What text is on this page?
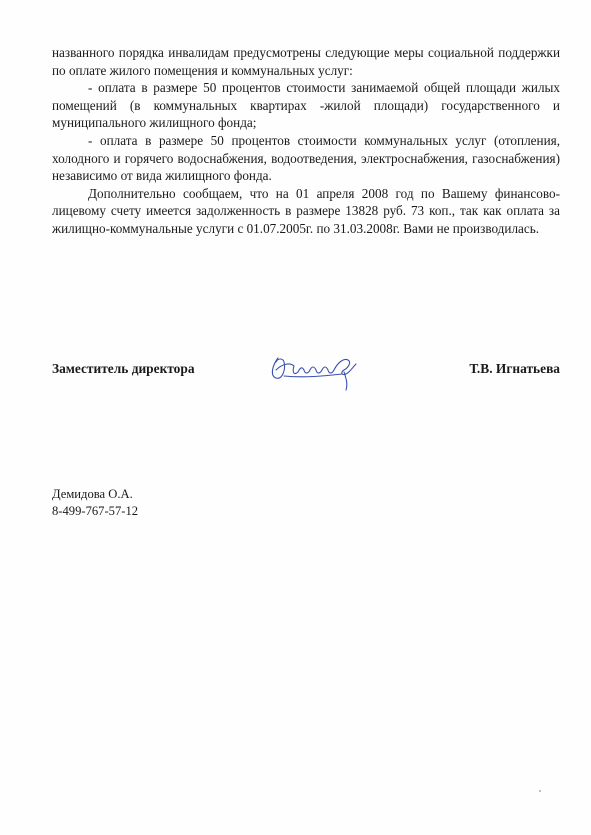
названного порядка инвалидам предусмотрены следующие меры социальной поддержки по оплате жилого помещения и коммунальных услуг:

- оплата в размере 50 процентов стоимости занимаемой общей площади жилых помещений (в коммунальных квартирах -жилой площади) государственного и муниципального жилищного фонда;

- оплата в размере 50 процентов стоимости коммунальных услуг (отопления, холодного и горячего водоснабжения, водоотведения, электроснабжения, газоснабжения) независимо от вида жилищного фонда.

Дополнительно сообщаем, что на 01 апреля 2008 год по Вашему финансово-лицевому счету имеется задолженность в размере 13828 руб. 73 коп., так как оплата за жилищно-коммунальные услуги с 01.07.2005г. по 31.03.2008г. Вами не производилась.

Заместитель директора	Т.В. Игнатьева
Демидова О.А.
8-499-767-57-12
